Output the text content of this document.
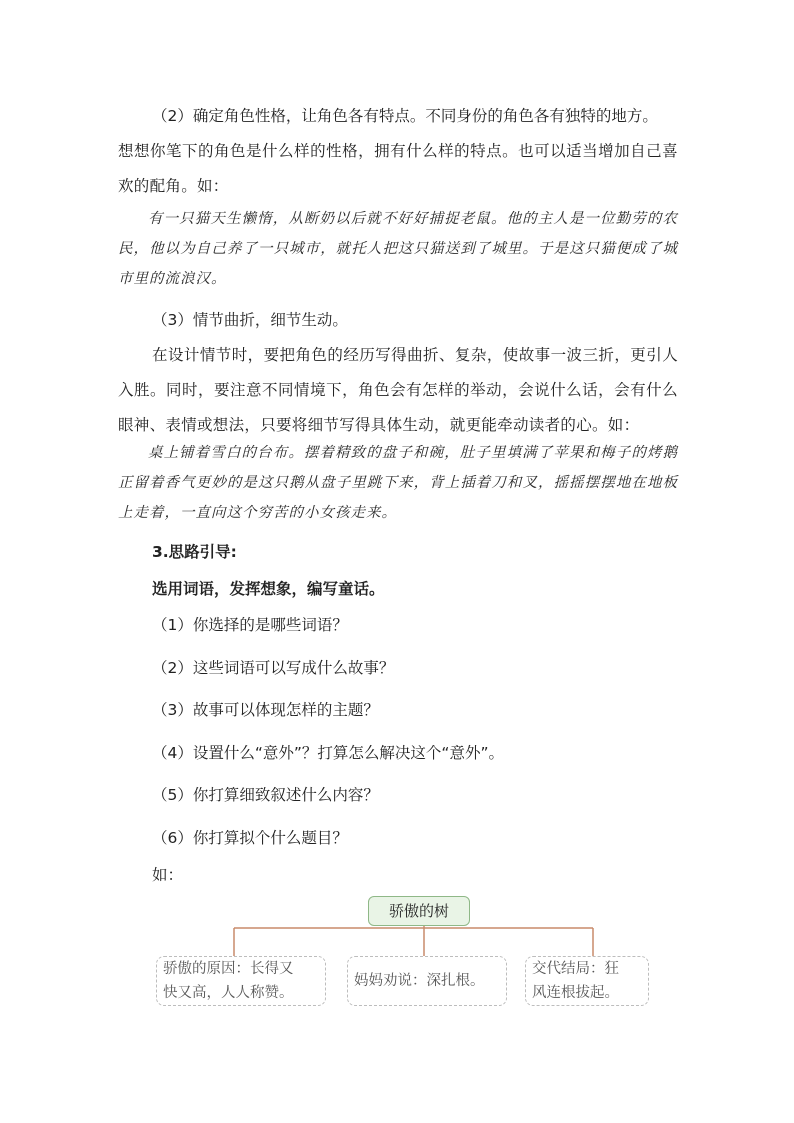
（2）确定角色性格，让角色各有特点。不同身份的角色各有独特的地方。

想想你笔下的角色是什么样的性格，拥有什么样的特点。也可以适当增加自己喜欢的配角。如：

有一只猫天生懒惰，从断奶以后就不好好捕捉老鼠。他的主人是一位勤劳的农民，他以为自己养了一只城市，就托人把这只猫送到了城里。于是这只猫便成了城市里的流浪汉。

（3）情节曲折，细节生动。

在设计情节时，要把角色的经历写得曲折、复杂，使故事一波三折，更引人入胜。同时，要注意不同情境下，角色会有怎样的举动，会说什么话，会有什么眼神、表情或想法，只要将细节写得具体生动，就更能牵动读者的心。如：

桌上铺着雪白的台布。摆着精致的盘子和碗，肚子里填满了苹果和梅子的烤鹅正留着香气更妙的是这只鹅从盘子里跳下来，背上插着刀和叉，摇摇摆摆地在地板上走着，一直向这个穷苦的小女孩走来。

3.思路引导:

选用词语，发挥想象，编写童话。

（1）你选择的是哪些词语？
（2）这些词语可以写成什么故事？
（3）故事可以体现怎样的主题？
（4）设置什么“意外”？打算怎么解决这个“意外”。
（5）你打算细致叙述什么内容？
（6）你打算拟个什么题目？

如：

骄傲的树
骄傲的原因：长得又
快又高，人人称赞。
妈妈劝说：深扎根。
交代结局：狂
风连根拔起。
